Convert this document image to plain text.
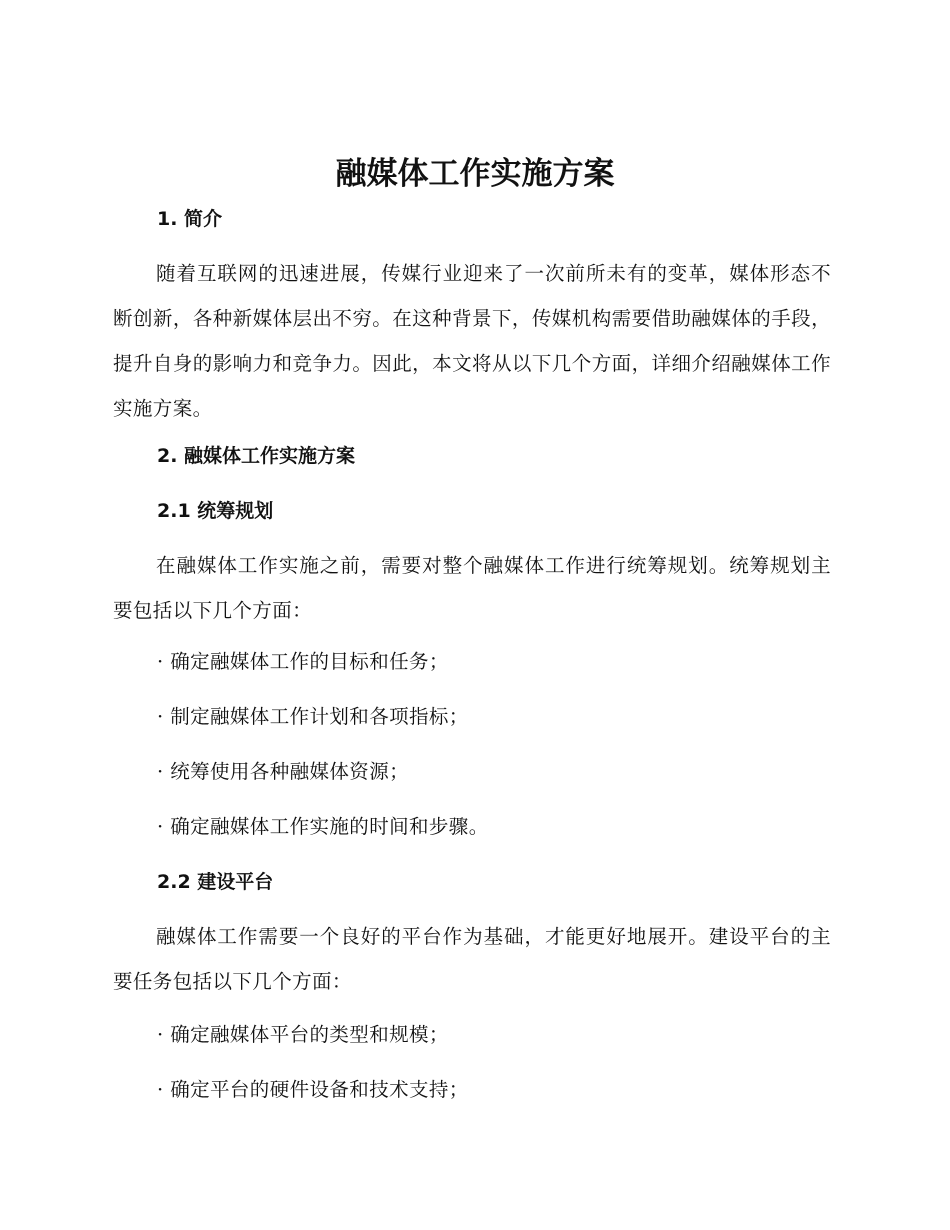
融媒体工作实施方案
1. 简介

随着互联网的迅速进展，传媒行业迎来了一次前所未有的变革，媒体形态不断创新，各种新媒体层出不穷。在这种背景下，传媒机构需要借助融媒体的手段，提升自身的影响力和竞争力。因此，本文将从以下几个方面，详细介绍融媒体工作实施方案。

2. 融媒体工作实施方案
2.1 统筹规划

在融媒体工作实施之前，需要对整个融媒体工作进行统筹规划。统筹规划主要包括以下几个方面：

· 确定融媒体工作的目标和任务；

· 制定融媒体工作计划和各项指标；

· 统筹使用各种融媒体资源；

· 确定融媒体工作实施的时间和步骤。

2.2 建设平台

融媒体工作需要一个良好的平台作为基础，才能更好地展开。建设平台的主要任务包括以下几个方面：

· 确定融媒体平台的类型和规模；

· 确定平台的硬件设备和技术支持；
